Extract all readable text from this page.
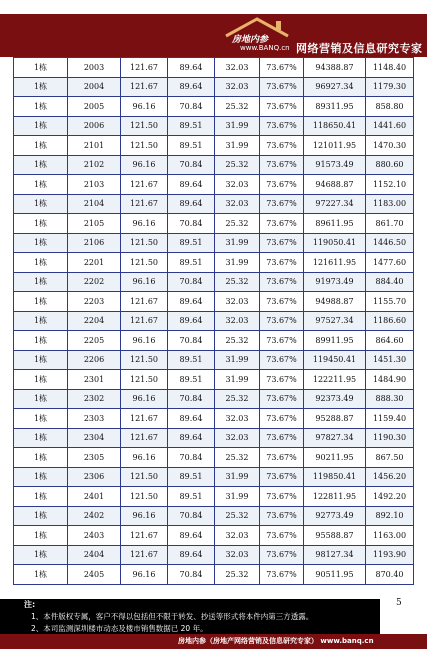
房地内参
www.BANQ.cn 网络营销及信息研究专家
1栋	2003	121.67	89.64	32.03	73.67%	94388.87	1148.40
1栋	2004	121.67	89.64	32.03	73.67%	96927.34	1179.30
1栋	2005	96.16	70.84	25.32	73.67%	89311.95	858.80
1栋	2006	121.50	89.51	31.99	73.67%	118650.41	1441.60
1栋	2101	121.50	89.51	31.99	73.67%	121011.95	1470.30
1栋	2102	96.16	70.84	25.32	73.67%	91573.49	880.60
1栋	2103	121.67	89.64	32.03	73.67%	94688.87	1152.10
1栋	2104	121.67	89.64	32.03	73.67%	97227.34	1183.00
1栋	2105	96.16	70.84	25.32	73.67%	89611.95	861.70
1栋	2106	121.50	89.51	31.99	73.67%	119050.41	1446.50
1栋	2201	121.50	89.51	31.99	73.67%	121611.95	1477.60
1栋	2202	96.16	70.84	25.32	73.67%	91973.49	884.40
1栋	2203	121.67	89.64	32.03	73.67%	94988.87	1155.70
1栋	2204	121.67	89.64	32.03	73.67%	97527.34	1186.60
1栋	2205	96.16	70.84	25.32	73.67%	89911.95	864.60
1栋	2206	121.50	89.51	31.99	73.67%	119450.41	1451.30
1栋	2301	121.50	89.51	31.99	73.67%	122211.95	1484.90
1栋	2302	96.16	70.84	25.32	73.67%	92373.49	888.30
1栋	2303	121.67	89.64	32.03	73.67%	95288.87	1159.40
1栋	2304	121.67	89.64	32.03	73.67%	97827.34	1190.30
1栋	2305	96.16	70.84	25.32	73.67%	90211.95	867.50
1栋	2306	121.50	89.51	31.99	73.67%	119850.41	1456.20
1栋	2401	121.50	89.51	31.99	73.67%	122811.95	1492.20
1栋	2402	96.16	70.84	25.32	73.67%	92773.49	892.10
1栋	2403	121.67	89.64	32.03	73.67%	95588.87	1163.00
1栋	2404	121.67	89.64	32.03	73.67%	98127.34	1193.90
1栋	2405	96.16	70.84	25.32	73.67%	90511.95	870.40
注:
1、本件版权专属，客户不得以包括但不限于转发、抄送等形式将本件内第三方透露。
2、本司监测深圳楼市动态及楼市销售数据已 20 年。
5
房地内参（房地产网络营销及信息研究专家） www.banq.cn
